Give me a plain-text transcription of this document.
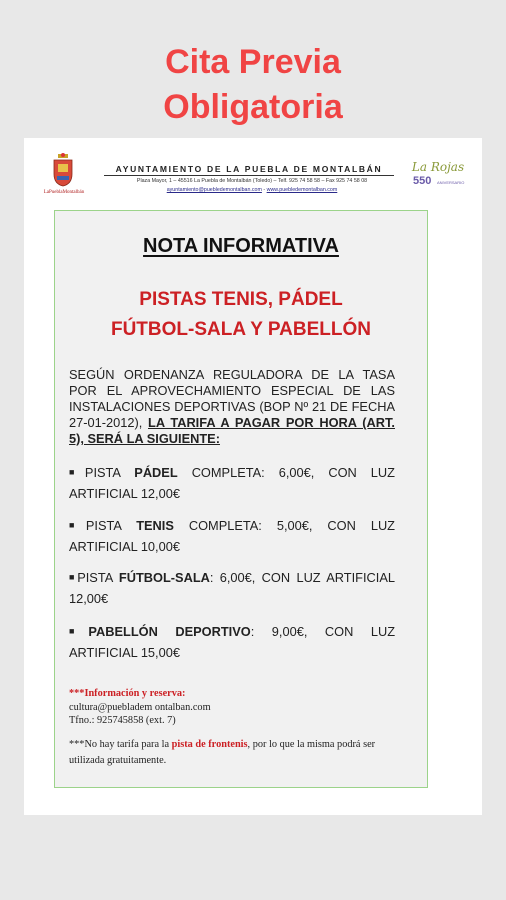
Cita Previa
Obligatoria
LaPueblaMontalbán
AYUNTAMIENTO DE LA PUEBLA DE MONTALBÁN
Plaza Mayor, 1 – 45516 La Puebla de Montalbán (Toledo) – Telf. 925 74 58 58 – Fax 925 74 58 08
ayuntamiento@puebledemontalban.com - www.puebledemontalban.com
La Rojas
550 ANIVERSARIO
NOTA INFORMATIVA
PISTAS TENIS, PÁDEL
FÚTBOL-SALA Y PABELLÓN
SEGÚN ORDENANZA REGULADORA DE LA TASA POR EL APROVECHAMIENTO ESPECIAL DE LAS INSTALACIONES DEPORTIVAS (BOP Nº 21 DE FECHA 27-01-2012), LA TARIFA A PAGAR POR HORA (ART. 5), SERÁ LA SIGUIENTE:
■PISTA PÁDEL COMPLETA: 6,00€, CON LUZ ARTIFICIAL 12,00€
■PISTA TENIS COMPLETA: 5,00€, CON LUZ ARTIFICIAL 10,00€
■PISTA FÚTBOL-SALA: 6,00€, CON LUZ ARTIFICIAL 12,00€
■PABELLÓN DEPORTIVO: 9,00€, CON LUZ ARTIFICIAL 15,00€
***Información y reserva:
cultura@puebladem ontalban.com
Tfno.: 925745858 (ext. 7)
***No hay tarifa para la pista de frontenis, por lo que la misma podrá ser utilizada gratuitamente.
